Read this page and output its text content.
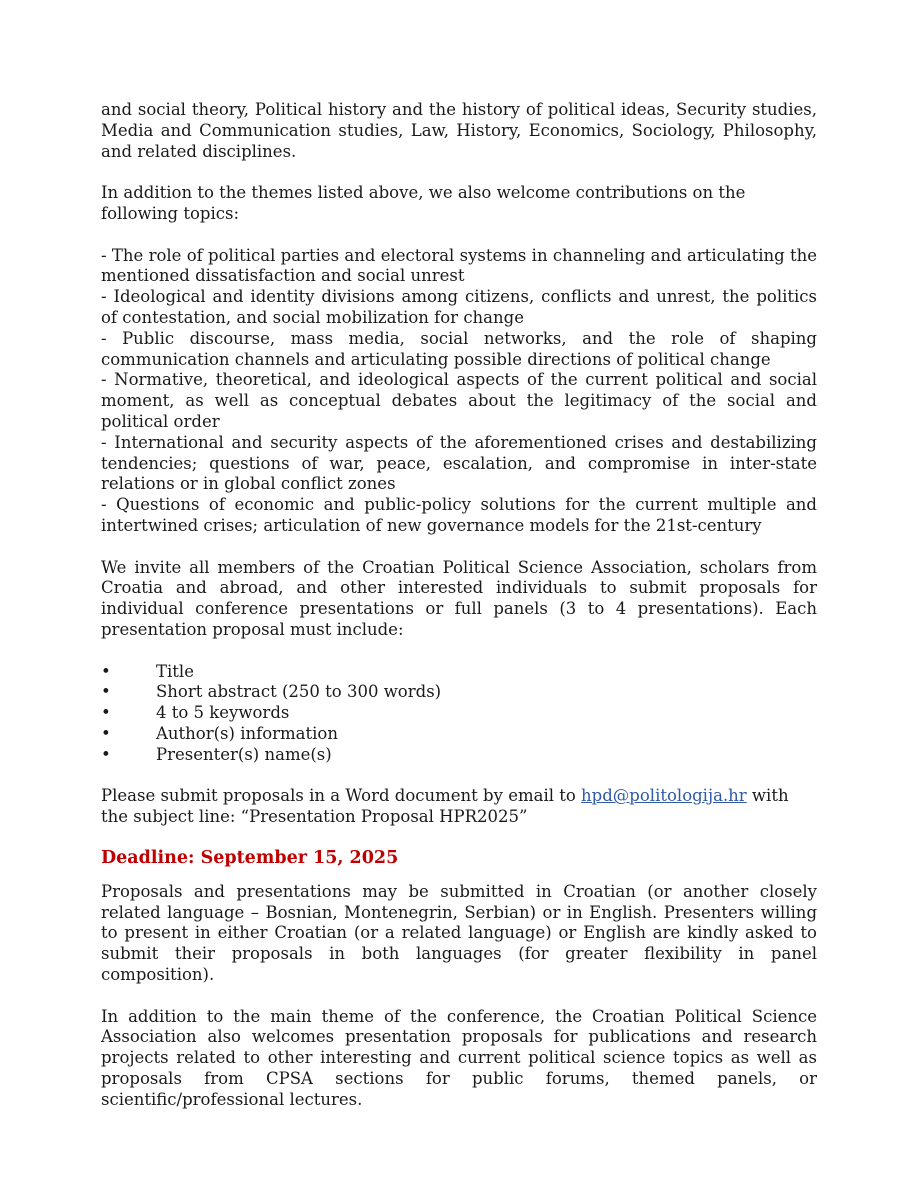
and social theory, Political history and the history of political ideas, Security studies, Media and Communication studies, Law, History, Economics, Sociology, Philosophy, and related disciplines.

In addition to the themes listed above, we also welcome contributions on the following topics:

- The role of political parties and electoral systems in channeling and articulating the mentioned dissatisfaction and social unrest

- Ideological and identity divisions among citizens, conflicts and unrest, the politics of contestation, and social mobilization for change

- Public discourse, mass media, social networks, and the role of shaping communication channels and articulating possible directions of political change

- Normative, theoretical, and ideological aspects of the current political and social moment, as well as conceptual debates about the legitimacy of the social and political order

- International and security aspects of the aforementioned crises and destabilizing tendencies; questions of war, peace, escalation, and compromise in inter-state relations or in global conflict zones

- Questions of economic and public-policy solutions for the current multiple and intertwined crises; articulation of new governance models for the 21st-century

We invite all members of the Croatian Political Science Association, scholars from Croatia and abroad, and other interested individuals to submit proposals for individual conference presentations or full panels (3 to 4 presentations). Each presentation proposal must include:

•	Title
•	Short abstract (250 to 300 words)
•	4 to 5 keywords
•	Author(s) information
•	Presenter(s) name(s)

Please submit proposals in a Word document by email to hpd@politologija.hr with the subject line: “Presentation Proposal HPR2025”

Deadline: September 15, 2025

Proposals and presentations may be submitted in Croatian (or another closely related language – Bosnian, Montenegrin, Serbian) or in English. Presenters willing to present in either Croatian (or a related language) or English are kindly asked to submit their proposals in both languages (for greater flexibility in panel composition).

In addition to the main theme of the conference, the Croatian Political Science Association also welcomes presentation proposals for publications and research projects related to other interesting and current political science topics as well as proposals from CPSA sections for public forums, themed panels, or scientific/professional lectures.
